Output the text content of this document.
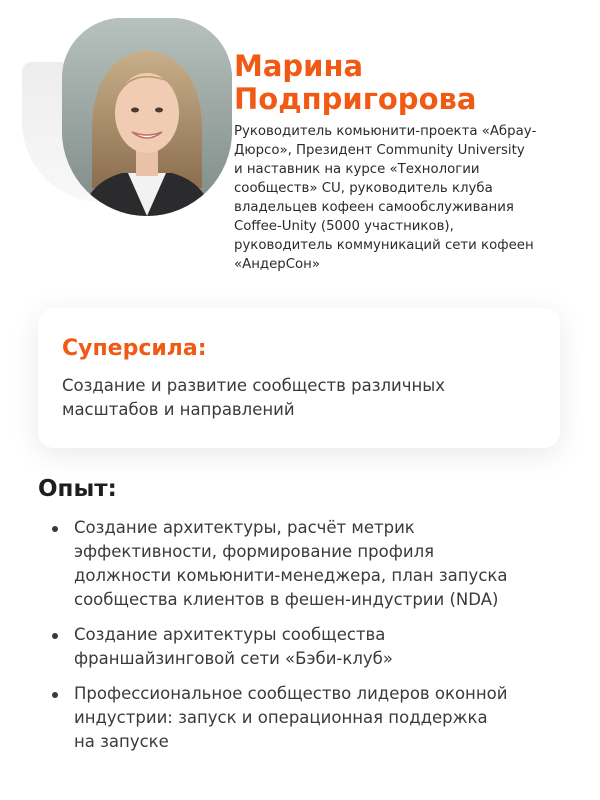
Марина
Подпригорова
Руководитель комьюнити-проекта «Абрау-
Дюрсо», Президент Community University
и наставник на курсе «Технологии
сообществ» CU, руководитель клуба
владельцев кофеен самообслуживания
Coffee-Unity (5000 участников),
руководитель коммуникаций сети кофеен
«АндерСон»
Суперсила:
Создание и развитие сообществ различных
масштабов и направлений
Опыт:
Создание архитектуры, расчёт метрик
эффективности, формирование профиля
должности комьюнити-менеджера, план запуска
сообщества клиентов в фешен-индустрии (NDA)
Создание архитектуры сообщества
франшайзинговой сети «Бэби-клуб»
Профессиональное сообщество лидеров оконной
индустрии: запуск и операционная поддержка
на запуске
